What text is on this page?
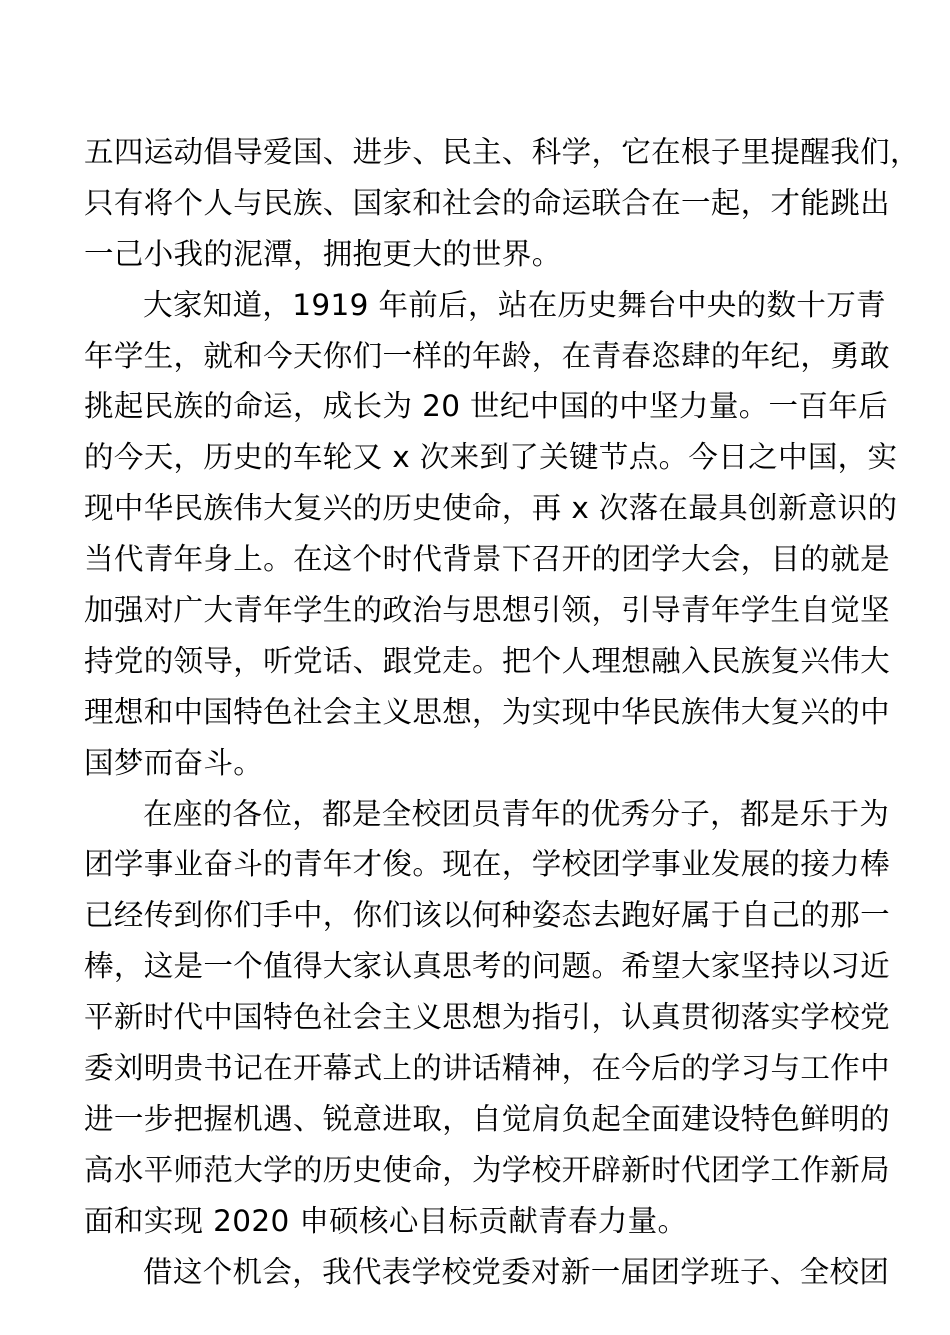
五四运动倡导爱国、进步、民主、科学，它在根子里提醒我们，
只有将个人与民族、国家和社会的命运联合在一起，才能跳出
一己小我的泥潭，拥抱更大的世界。
大家知道，1919 年前后，站在历史舞台中央的数十万青
年学生，就和今天你们一样的年龄，在青春恣肆的年纪，勇敢
挑起民族的命运，成长为 20 世纪中国的中坚力量。一百年后
的今天，历史的车轮又 x 次来到了关键节点。今日之中国，实
现中华民族伟大复兴的历史使命，再 x 次落在最具创新意识的
当代青年身上。在这个时代背景下召开的团学大会，目的就是
加强对广大青年学生的政治与思想引领，引导青年学生自觉坚
持党的领导，听党话、跟党走。把个人理想融入民族复兴伟大
理想和中国特色社会主义思想，为实现中华民族伟大复兴的中
国梦而奋斗。
在座的各位，都是全校团员青年的优秀分子，都是乐于为
团学事业奋斗的青年才俊。现在，学校团学事业发展的接力棒
已经传到你们手中，你们该以何种姿态去跑好属于自己的那一
棒，这是一个值得大家认真思考的问题。希望大家坚持以习近
平新时代中国特色社会主义思想为指引，认真贯彻落实学校党
委刘明贵书记在开幕式上的讲话精神，在今后的学习与工作中
进一步把握机遇、锐意进取，自觉肩负起全面建设特色鲜明的
高水平师范大学的历史使命，为学校开辟新时代团学工作新局
面和实现 2020 申硕核心目标贡献青春力量。
借这个机会，我代表学校党委对新一届团学班子、全校团
